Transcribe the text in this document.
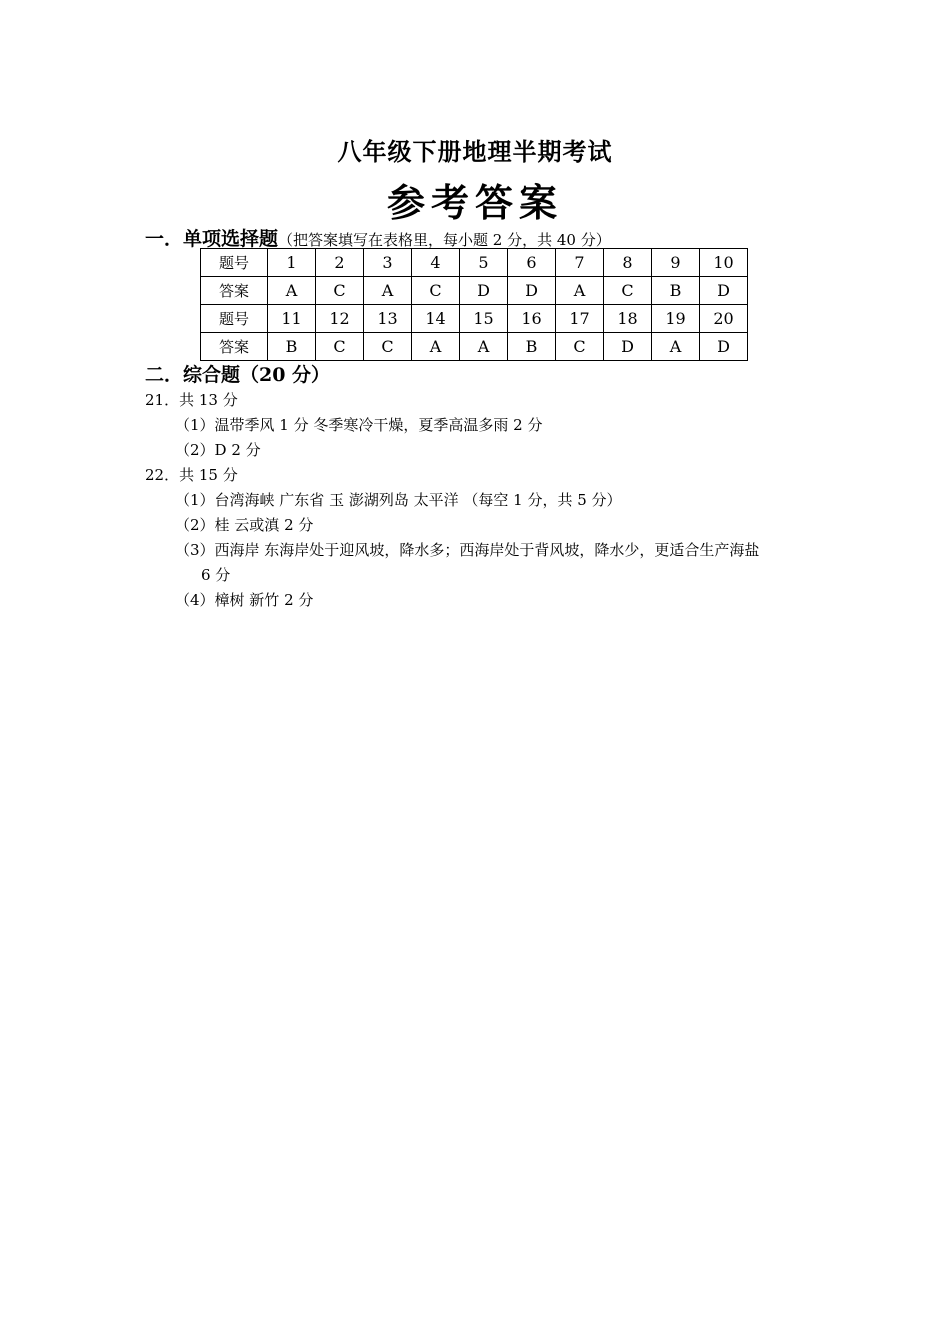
八年级下册地理半期考试
参考答案
一．单项选择题（把答案填写在表格里，每小题 2 分，共 40 分）
题号	1	2	3	4	5	6	7	8	9	10
答案	A	C	A	C	D	D	A	C	B	D
题号	11	12	13	14	15	16	17	18	19	20
答案	B	C	C	A	A	B	C	D	A	D
二．综合题（20 分）
21．共 13 分
（1）温带季风 1 分 冬季寒冷干燥，夏季高温多雨 2 分
（2）D 2 分
22．共 15 分
（1）台湾海峡 广东省 玉 澎湖列岛 太平洋 （每空 1 分，共 5 分）
（2）桂 云或滇 2 分
（3）西海岸 东海岸处于迎风坡，降水多；西海岸处于背风坡，降水少，更适合生产海盐
6 分
（4）樟树 新竹 2 分
